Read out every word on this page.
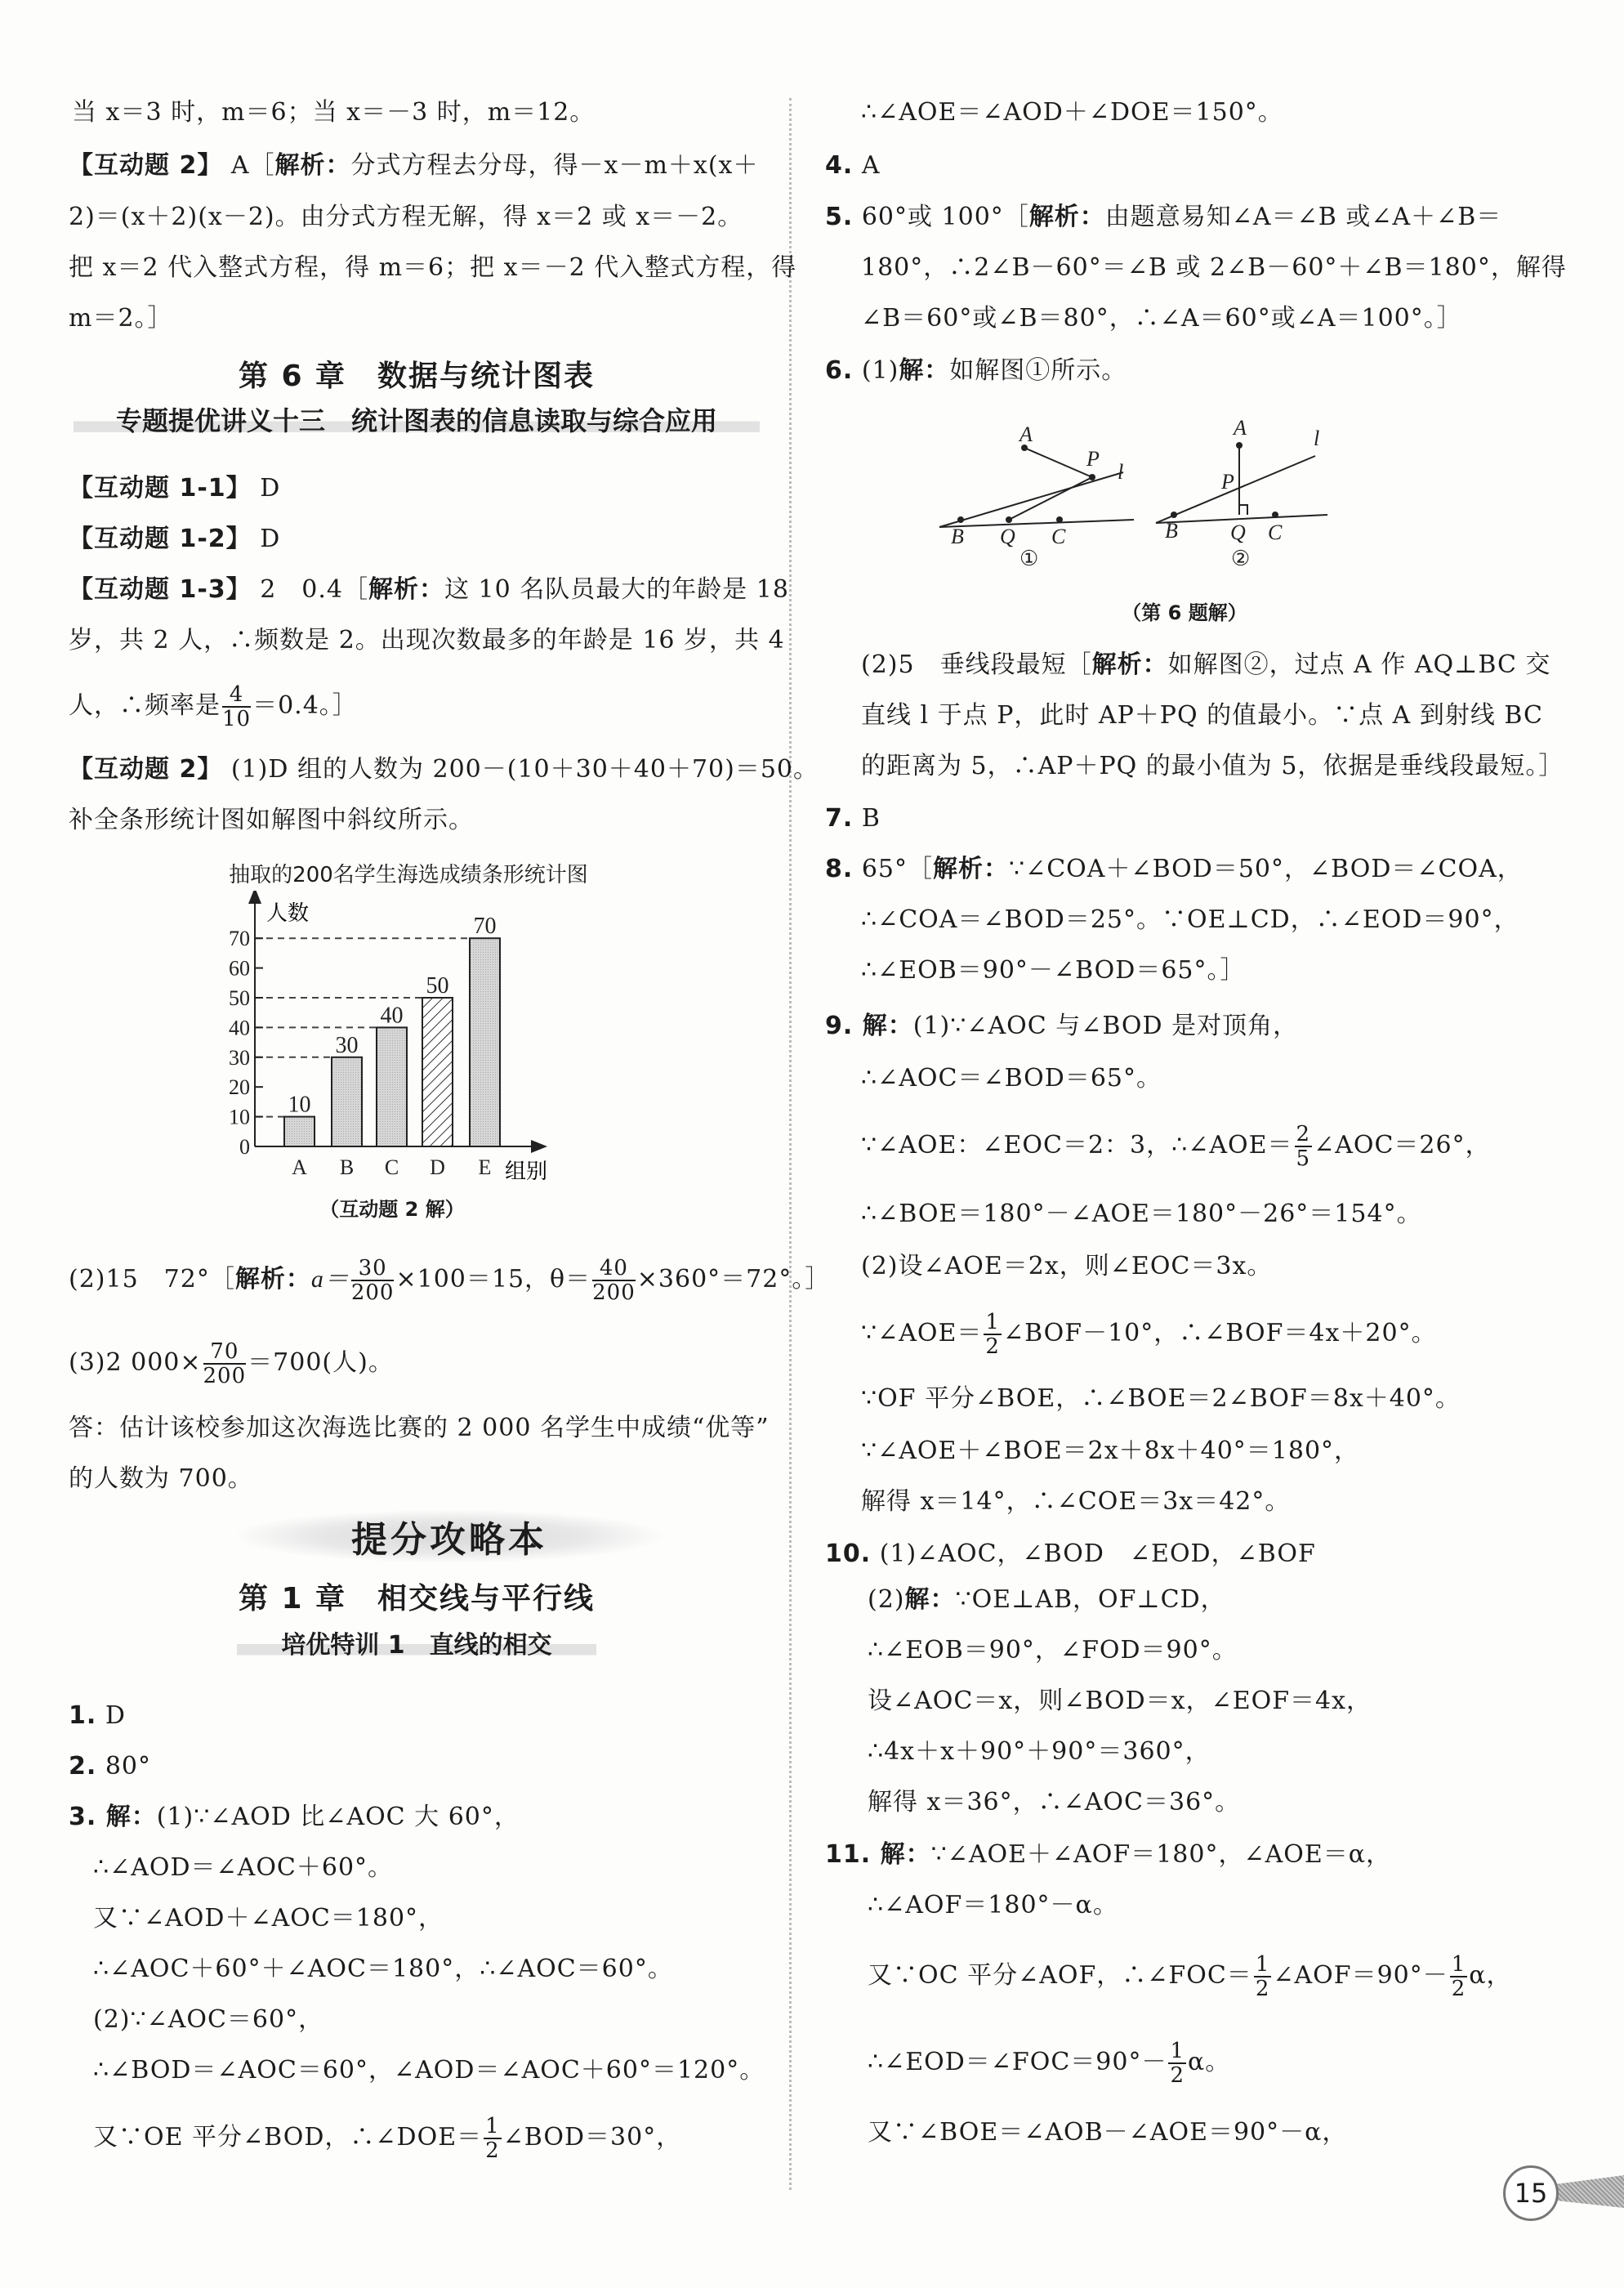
当 x＝3 时，m＝6；当 x＝－3 时，m＝12。
【互动题 2】 A［解析：分式方程去分母，得－x－m＋x(x＋
2)＝(x＋2)(x－2)。由分式方程无解，得 x＝2 或 x＝－2。
把 x＝2 代入整式方程，得 m＝6；把 x＝－2 代入整式方程，得
m＝2。］
第 6 章　数据与统计图表
专题提优讲义十三　统计图表的信息读取与综合应用
【互动题 1-1】 D
【互动题 1-2】 D
【互动题 1-3】 2　0.4［解析：这 10 名队员最大的年龄是 18
岁，共 2 人，∴频数是 2。出现次数最多的年龄是 16 岁，共 4
人，∴频率是 $\frac{4}{10} =0.4$。］
【互动题 2】 (1)D 组的人数为 200－(10＋30＋40＋70)＝50。
补全条形统计图如解图中斜纹所示。
抽取的200名学生海选成绩条形统计图
10
30
40
50
70
0
10
20
30
40
50
60
70
人数
组别
A B C D E
（互动题 2 解）
(2)15　72°［解析：$a= \frac{30}{200} \times 100=15$，$\theta= \frac{40}{200} \times 360^\circ=72^\circ$。］
(3)2 $000\times \frac{70}{200} =700$(人)。
答：估计该校参加这次海选比赛的 2 000 名学生中成绩“优等”
的人数为 700。
提分攻略本
第 1 章　相交线与平行线
培优特训 1　直线的相交
1. D
2. 80°
3. 解：(1)∵∠AOD 比∠AOC 大 60°，
∴∠AOD＝∠AOC＋60°。
又∵∠AOD＋∠AOC＝180°，
∴∠AOC＋60°＋∠AOC＝180°，∴∠AOC＝60°。
(2)∵∠AOC＝60°，
∴∠BOD＝∠AOC＝60°，∠AOD＝∠AOC＋60°＝120°。
又∵OE 平分∠BOD，∴∠DOE＝ $\frac{1}{2}$ ∠BOD＝30°，
∴∠AOE＝∠AOD＋∠DOE＝150°。
4. A
5. 60°或 100°［解析：由题意易知∠A＝∠B 或∠A＋∠B＝
180°，∴2∠B－60°＝∠B 或 2∠B－60°＋∠B＝180°，解得
∠B＝60°或∠B＝80°，∴∠A＝60°或∠A＝100°。］
6. (1)解：如解图①所示。
A
P
l
B Q C
A	l
P
B Q C
①	②
（第 6 题解）
(2)5　垂线段最短［解析：如解图②，过点 A 作 AQ⊥BC 交
直线 l 于点 P，此时 AP＋PQ 的值最小。∵点 A 到射线 BC
的距离为 5，∴AP＋PQ 的最小值为 5，依据是垂线段最短。］
7. B
8. 65°［解析：∵∠COA＋∠BOD＝50°，∠BOD＝∠COA，
∴∠COA＝∠BOD＝25°。∵OE⊥CD，∴∠EOD＝90°，
∴∠EOB＝90°－∠BOD＝65°。］
9. 解：(1)∵∠AOC 与∠BOD 是对顶角，
∴∠AOC＝∠BOD＝65°。
∵∠AOE：∠EOC＝2：3，∴∠AOE＝ $\frac{2}{5}$ ∠AOC＝26°，
∴∠BOE＝180°－∠AOE＝180°－26°＝154°。
(2)设∠AOE＝2x，则∠EOC＝3x。
∵∠AOE＝ $\frac{1}{2}$ ∠BOF－10°，∴∠BOF＝4x＋20°。
∵OF 平分∠BOE，∴∠BOE＝2∠BOF＝8x＋40°。
∵∠AOE＋∠BOE＝2x＋8x＋40°＝180°，
解得 x＝14°，∴∠COE＝3x＝42°。
10. (1)∠AOC，∠BOD　∠EOD，∠BOF
(2)解：∵OE⊥AB，OF⊥CD，
∴∠EOB＝90°，∠FOD＝90°。
设∠AOC＝x，则∠BOD＝x，∠EOF＝4x，
∴4x＋x＋90°＋90°＝360°，
解得 x＝36°，∴∠AOC＝36°。
11. 解：∵∠AOE＋∠AOF＝180°，∠AOE＝α，
∴∠AOF＝180°－α。
又∵OC 平分∠AOF，∴∠FOC＝ $\frac{1}{2}$ ∠AOF＝90°－ $\frac{1}{2}$ α，
∴∠EOD＝∠FOC＝90°－ $\frac{1}{2}$ α。
又∵∠BOE＝∠AOB－∠AOE＝90°－α，
15
